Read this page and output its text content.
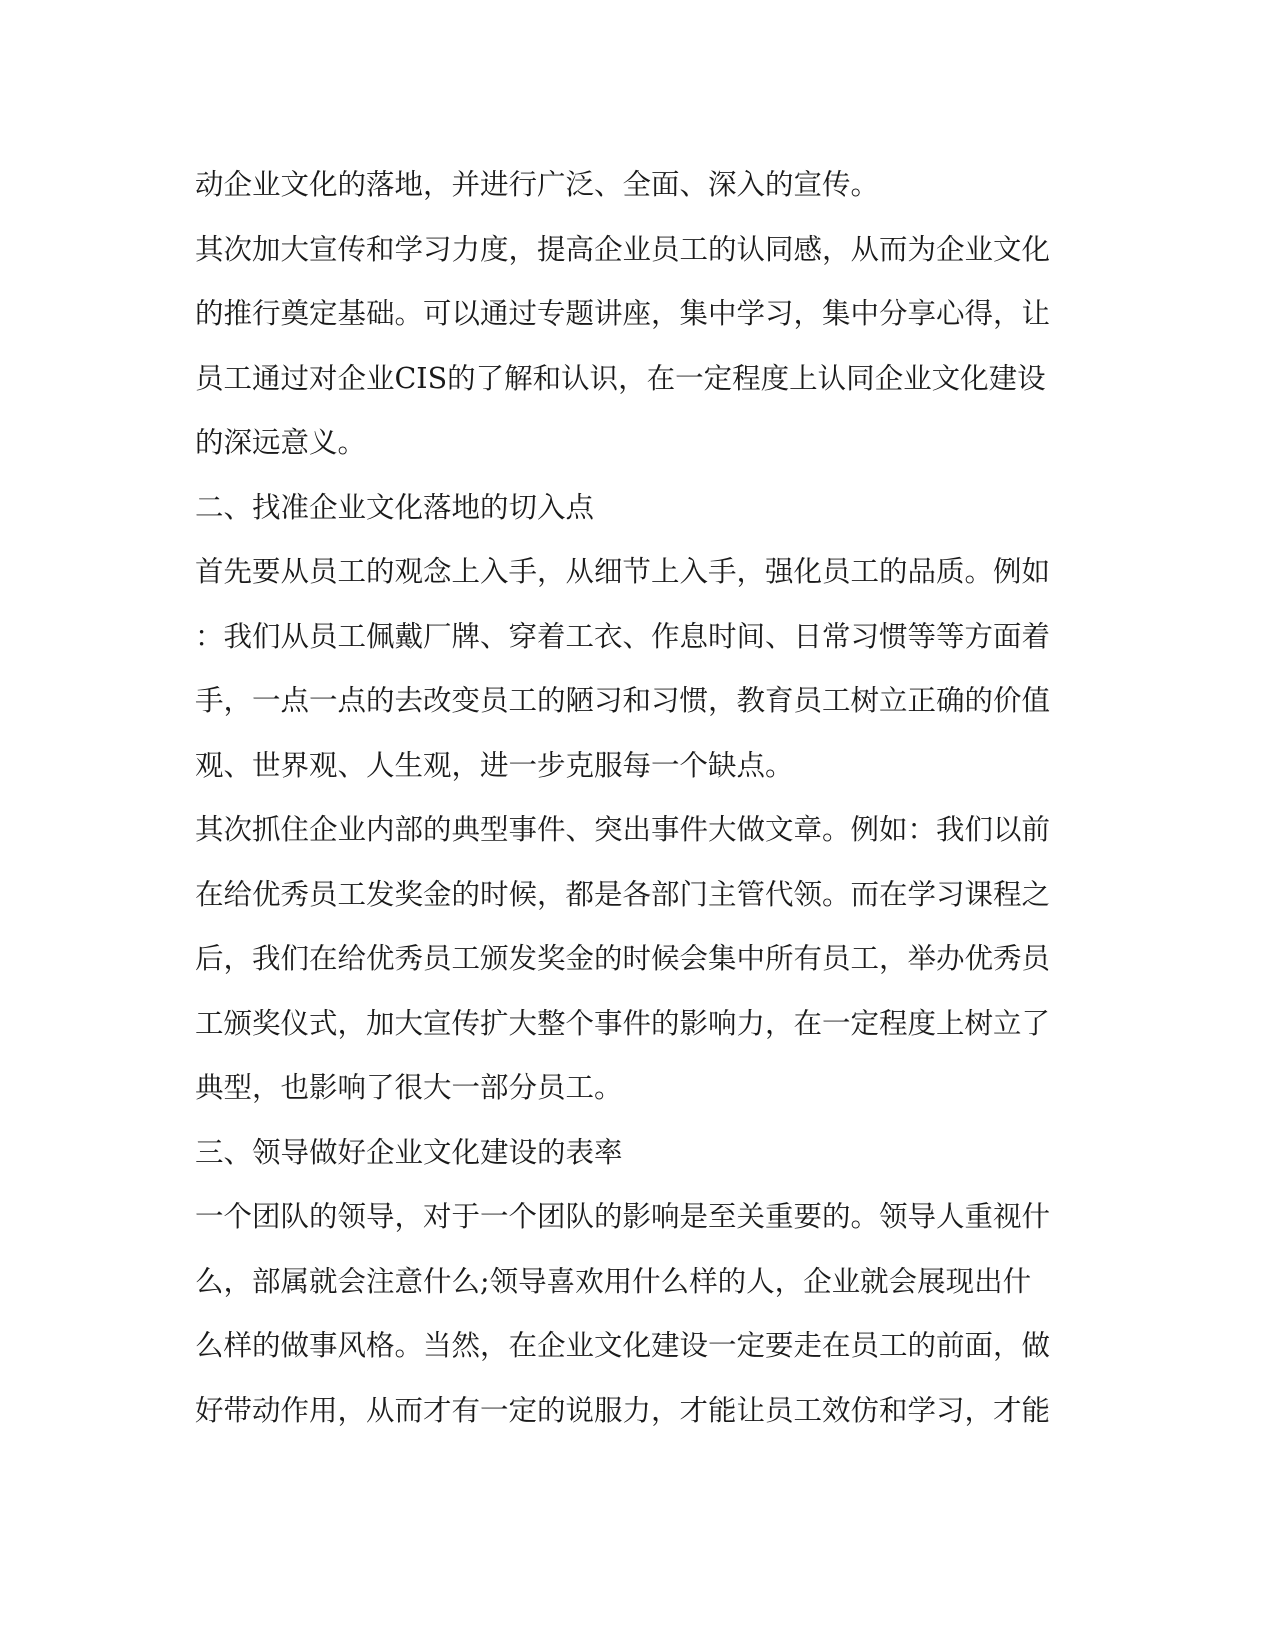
动企业文化的落地，并进行广泛、全面、深入的宣传。
其次加大宣传和学习力度，提高企业员工的认同感，从而为企业文化
的推行奠定基础。可以通过专题讲座，集中学习，集中分享心得，让
员工通过对企业CIS的了解和认识，在一定程度上认同企业文化建设
的深远意义。
二、找准企业文化落地的切入点
首先要从员工的观念上入手，从细节上入手，强化员工的品质。例如
：我们从员工佩戴厂牌、穿着工衣、作息时间、日常习惯等等方面着
手，一点一点的去改变员工的陋习和习惯，教育员工树立正确的价值
观、世界观、人生观，进一步克服每一个缺点。
其次抓住企业内部的典型事件、突出事件大做文章。例如：我们以前
在给优秀员工发奖金的时候，都是各部门主管代领。而在学习课程之
后，我们在给优秀员工颁发奖金的时候会集中所有员工，举办优秀员
工颁奖仪式，加大宣传扩大整个事件的影响力，在一定程度上树立了
典型，也影响了很大一部分员工。
三、领导做好企业文化建设的表率
一个团队的领导，对于一个团队的影响是至关重要的。领导人重视什
么，部属就会注意什么;领导喜欢用什么样的人，企业就会展现出什
么样的做事风格。当然，在企业文化建设一定要走在员工的前面，做
好带动作用，从而才有一定的说服力，才能让员工效仿和学习，才能
